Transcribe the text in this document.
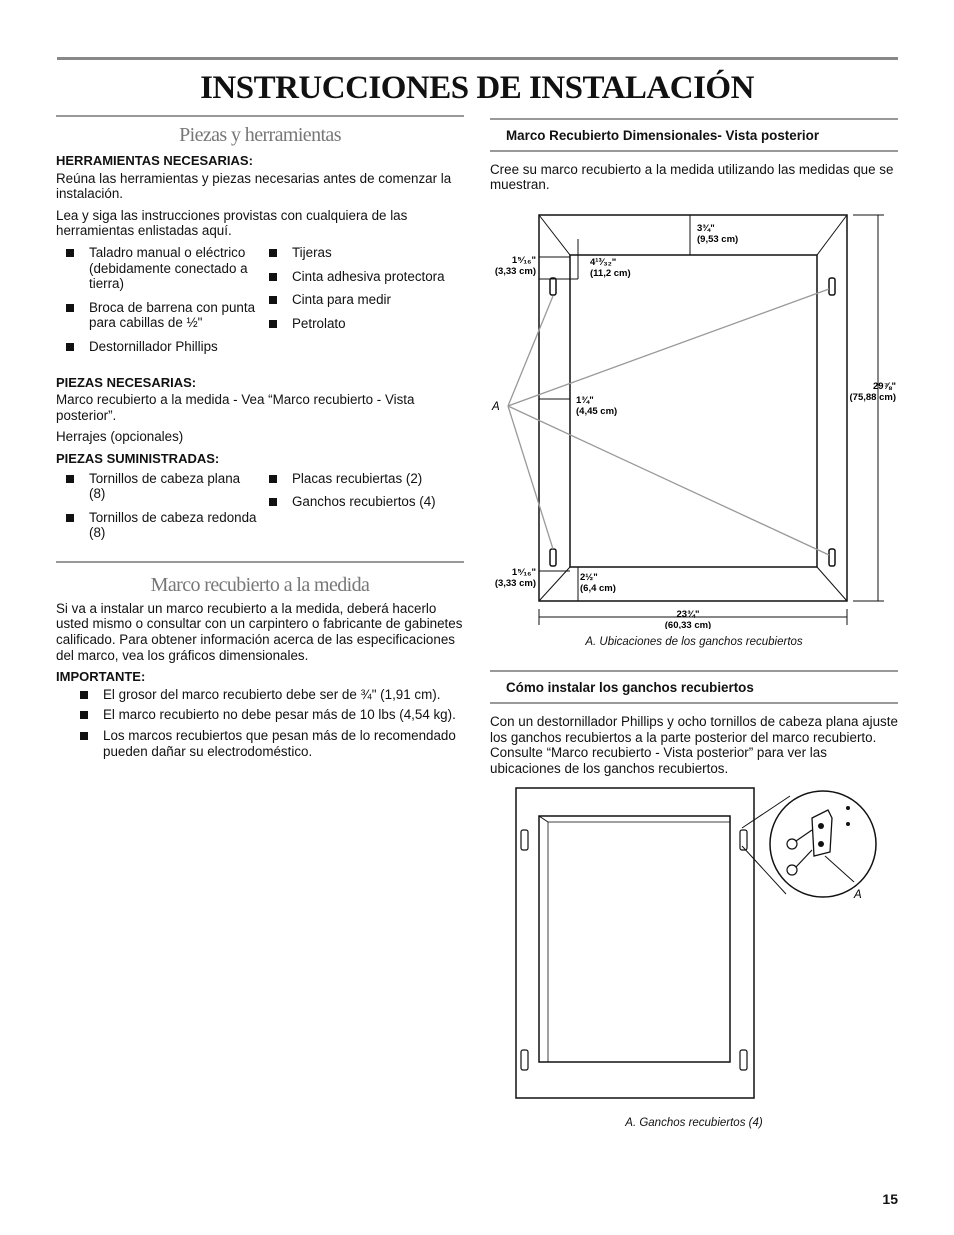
INSTRUCCIONES DE INSTALACIÓN
Piezas y herramientas
HERRAMIENTAS NECESARIAS:

Reúna las herramientas y piezas necesarias antes de comenzar la instalación.

Lea y siga las instrucciones provistas con cualquiera de las herramientas enlistadas aquí.

Taladro manual o eléctrico (debidamente conectado a tierra)
Broca de barrena con punta para cabillas de ½"
Destornillador Phillips
Tijeras
Cinta adhesiva protectora
Cinta para medir
Petrolato
PIEZAS NECESARIAS:

Marco recubierto a la medida - Vea “Marco recubierto - Vista posterior”.

Herrajes (opcionales)

PIEZAS SUMINISTRADAS:
Tornillos de cabeza plana (8)
Tornillos de cabeza redonda (8)
Placas recubiertas (2)
Ganchos recubiertos (4)
Marco recubierto a la medida

Si va a instalar un marco recubierto a la medida, deberá hacerlo usted mismo o consultar con un carpintero o fabricante de gabinetes calificado. Para obtener información acerca de las especificaciones del marco, vea los gráficos dimensionales.

IMPORTANTE:
El grosor del marco recubierto debe ser de ¾" (1,91 cm).
El marco recubierto no debe pesar más de 10 lbs (4,54 kg).
Los marcos recubiertos que pesan más de lo recomendado pueden dañar su electrodoméstico.
Marco Recubierto Dimensionales- Vista posterior

Cree su marco recubierto a la medida utilizando las medidas que se muestran.

A
3¾"
(9,53 cm)
1⁵⁄₁₆"
(3,33 cm)
4¹³⁄₃₂"
(11,2 cm)
1¾"
(4,45 cm)
29⅞"
(75,88 cm)
1⁵⁄₁₆"
(3,33 cm)
2½"
(6,4 cm)
23¾"
(60,33 cm)
A. Ubicaciones de los ganchos recubiertos
Cómo instalar los ganchos recubiertos

Con un destornillador Phillips y ocho tornillos de cabeza plana ajuste los ganchos recubiertos a la parte posterior del marco recubierto. Consulte “Marco recubierto - Vista posterior” para ver las ubicaciones de los ganchos recubiertos.

A
A. Ganchos recubiertos (4)
15
